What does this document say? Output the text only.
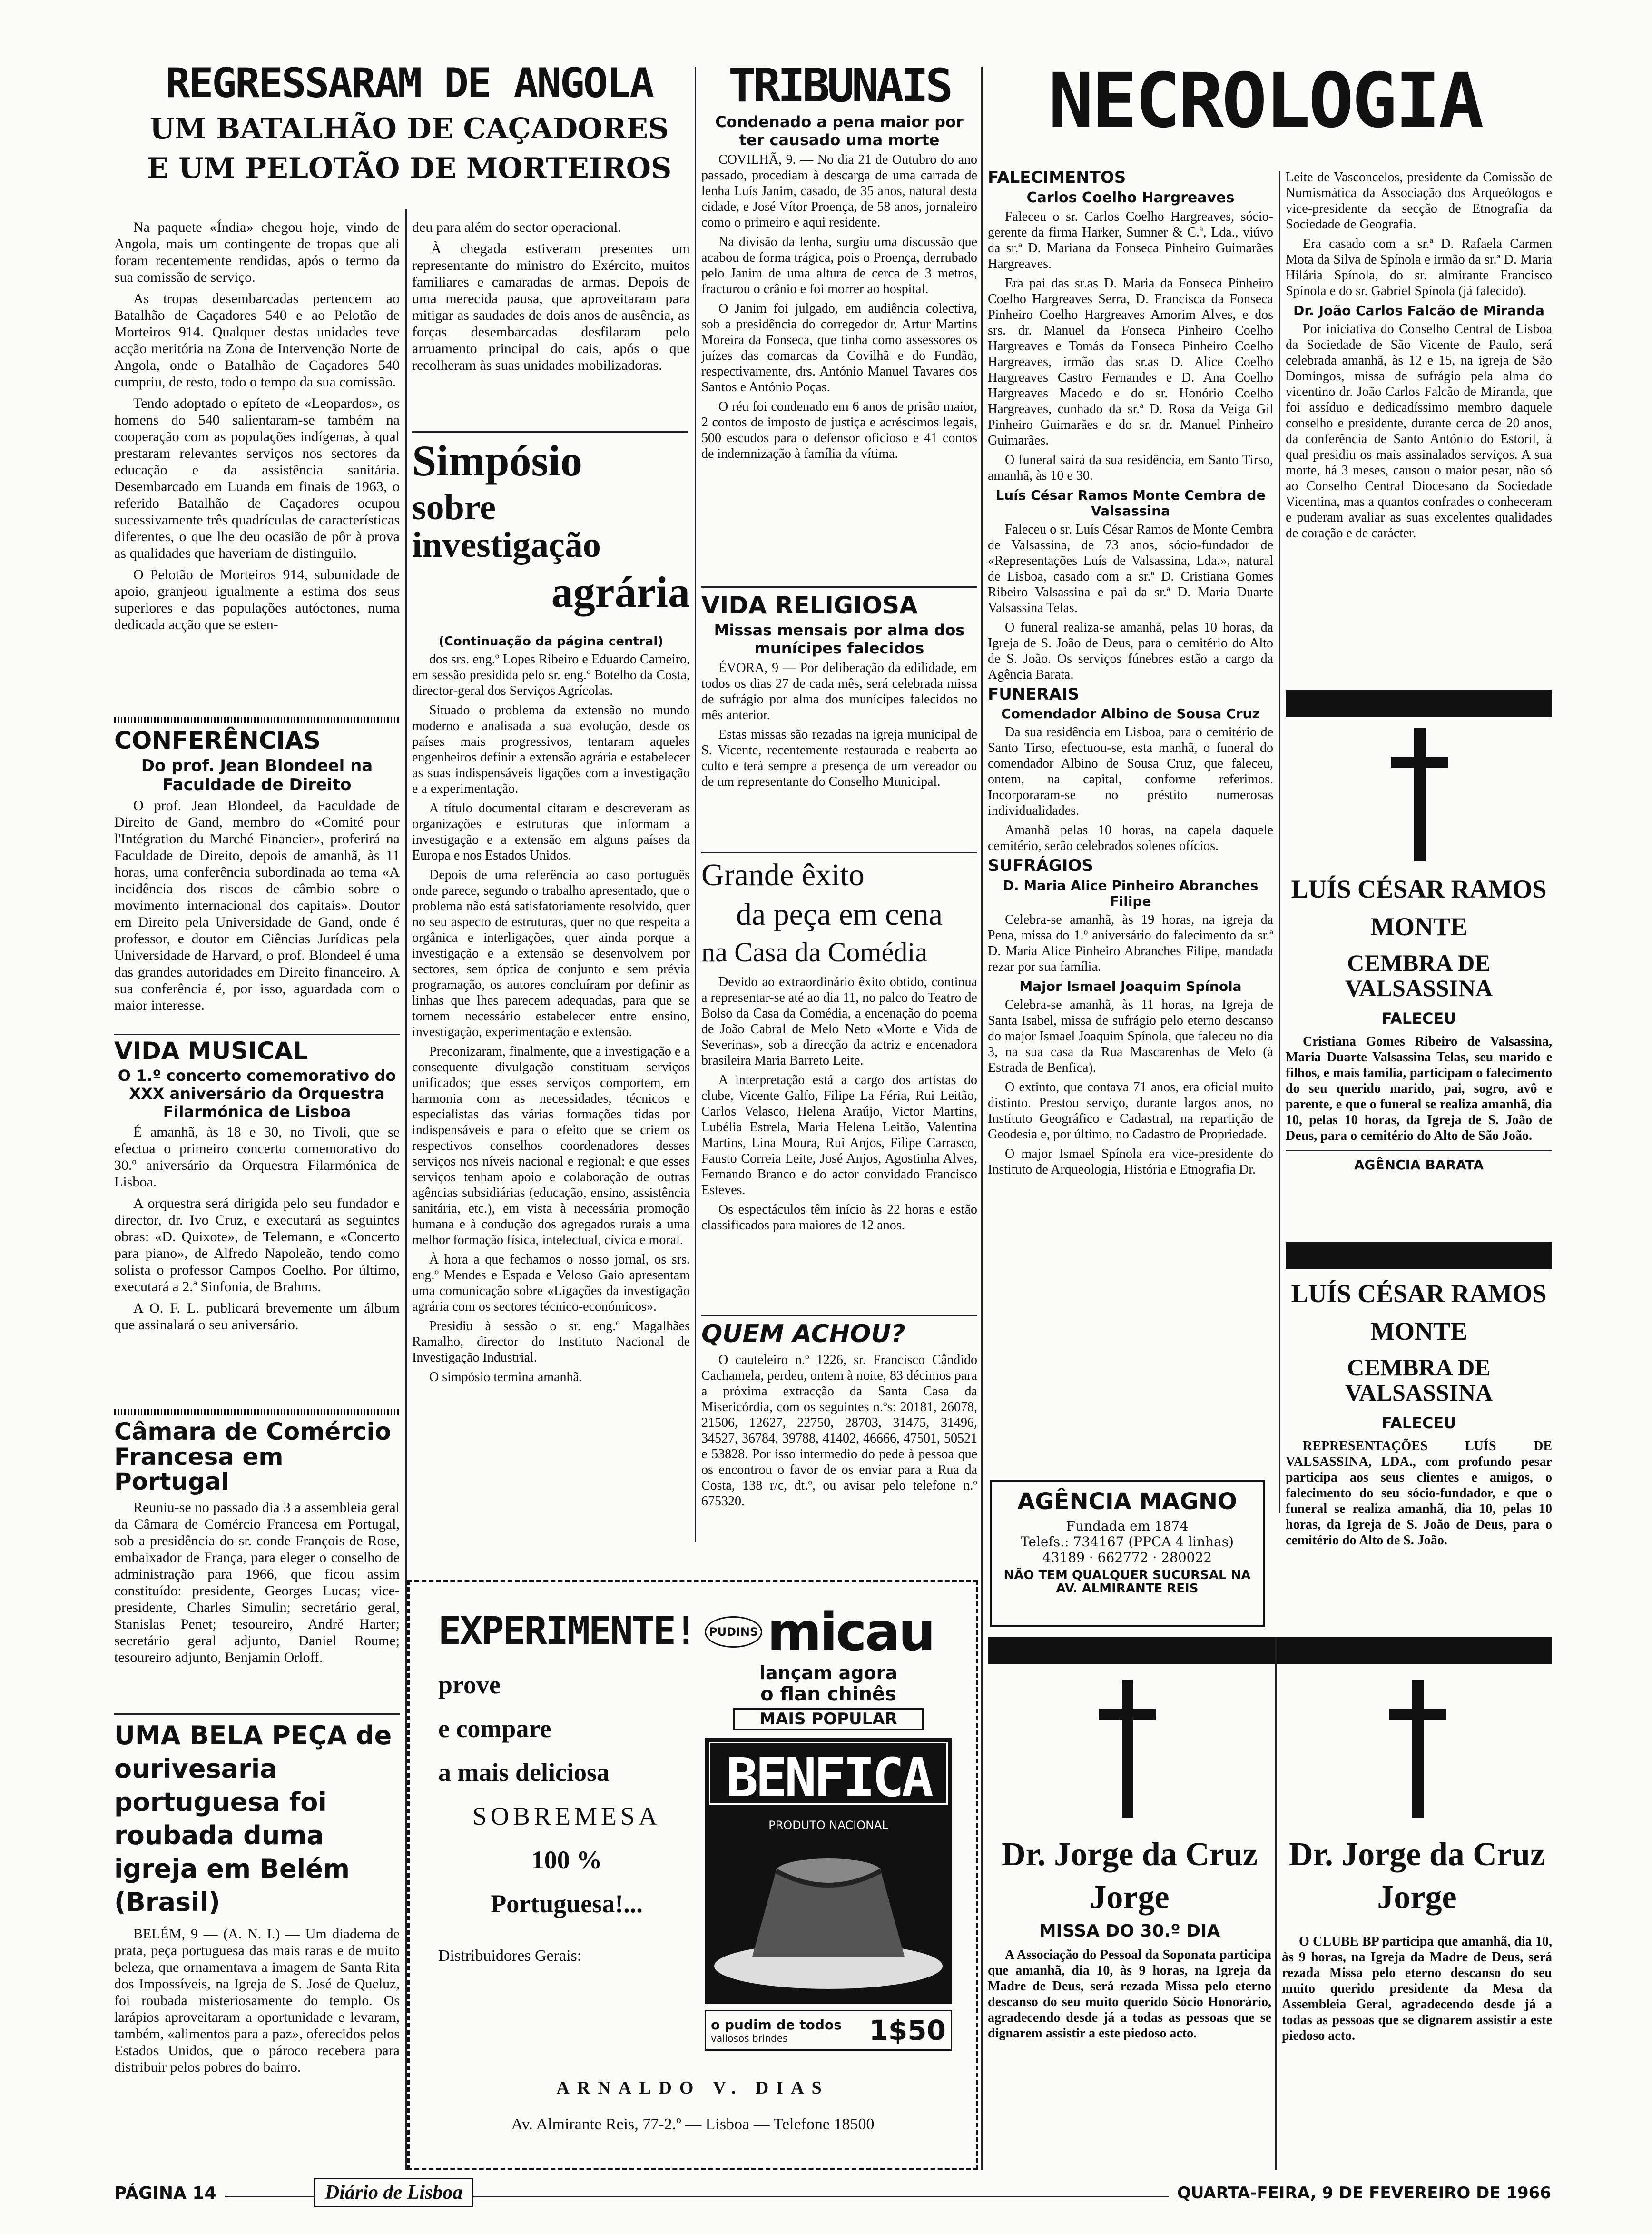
REGRESSARAM DE ANGOLA
UM BATALHÃO DE CAÇADORES
E UM PELOTÃO DE MORTEIROS

Na paquete «Índia» chegou hoje, vindo de Angola, mais um contingente de tropas que ali foram recentemente rendidas, após o termo da sua comissão de serviço.

As tropas desembarcadas pertencem ao Batalhão de Caçadores 540 e ao Pelotão de Morteiros 914. Qualquer destas unidades teve acção meritória na Zona de Intervenção Norte de Angola, onde o Batalhão de Caçadores 540 cumpriu, de resto, todo o tempo da sua comissão.

Tendo adoptado o epíteto de «Leopardos», os homens do 540 salientaram-se também na cooperação com as populações indígenas, à qual prestaram relevantes serviços nos sectores da educação e da assistência sanitária. Desembarcado em Luanda em finais de 1963, o referido Batalhão de Caçadores ocupou sucessivamente três quadrículas de características diferentes, o que lhe deu ocasião de pôr à prova as qualidades que haveriam de distinguilo.

O Pelotão de Morteiros 914, subunidade de apoio, granjeou igualmente a estima dos seus superiores e das populações autóctones, numa dedicada acção que se esten-

deu para além do sector operacional.

À chegada estiveram presentes um representante do ministro do Exército, muitos familiares e camaradas de armas. Depois de uma merecida pausa, que aproveitaram para mitigar as saudades de dois anos de ausência, as forças desembarcadas desfilaram pelo arruamento principal do cais, após o que recolheram às suas unidades mobilizadoras.

Simpósio
sobre investigação
agrária
(Continuação da página central)

dos srs. eng.º Lopes Ribeiro e Eduardo Carneiro, em sessão presidida pelo sr. eng.º Botelho da Costa, director-geral dos Serviços Agrícolas.

Situado o problema da extensão no mundo moderno e analisada a sua evolução, desde os países mais progressivos, tentaram aqueles engenheiros definir a extensão agrária e estabelecer as suas indispensáveis ligações com a investigação e a experimentação.

A título documental citaram e descreveram as organizações e estruturas que informam a investigação e a extensão em alguns países da Europa e nos Estados Unidos.

Depois de uma referência ao caso português onde parece, segundo o trabalho apresentado, que o problema não está satisfatoriamente resolvido, quer no seu aspecto de estruturas, quer no que respeita a orgânica e interligações, quer ainda porque a investigação e a extensão se desenvolvem por sectores, sem óptica de conjunto e sem prévia programação, os autores concluíram por definir as linhas que lhes parecem adequadas, para que se tornem necessário estabelecer entre ensino, investigação, experimentação e extensão.

Preconizaram, finalmente, que a investigação e a consequente divulgação constituam serviços unificados; que esses serviços comportem, em harmonia com as necessidades, técnicos e especialistas das várias formações tidas por indispensáveis e para o efeito que se criem os respectivos conselhos coordenadores desses serviços nos níveis nacional e regional; e que esses serviços tenham apoio e colaboração de outras agências subsidiárias (educação, ensino, assistência sanitária, etc.), em vista à necessária promoção humana e à condução dos agregados rurais a uma melhor formação física, intelectual, cívica e moral.

À hora a que fechamos o nosso jornal, os srs. eng.º Mendes e Espada e Veloso Gaio apresentam uma comunicação sobre «Ligações da investigação agrária com os sectores técnico-económicos».

Presidiu à sessão o sr. eng.º Magalhães Ramalho, director do Instituto Nacional de Investigação Industrial.

O simpósio termina amanhã.

CONFERÊNCIAS
Do prof. Jean Blondeel na Faculdade de Direito

O prof. Jean Blondeel, da Faculdade de Direito de Gand, membro do «Comité pour l'Intégration du Marché Financier», proferirá na Faculdade de Direito, depois de amanhã, às 11 horas, uma conferência subordinada ao tema «A incidência dos riscos de câmbio sobre o movimento internacional dos capitais». Doutor em Direito pela Universidade de Gand, onde é professor, e doutor em Ciências Jurídicas pela Universidade de Harvard, o prof. Blondeel é uma das grandes autoridades em Direito financeiro. A sua conferência é, por isso, aguardada com o maior interesse.

VIDA MUSICAL
O 1.º concerto comemorativo do XXX aniversário da Orquestra Filarmónica de Lisboa

É amanhã, às 18 e 30, no Tivoli, que se efectua o primeiro concerto comemorativo do 30.º aniversário da Orquestra Filarmónica de Lisboa.

A orquestra será dirigida pelo seu fundador e director, dr. Ivo Cruz, e executará as seguintes obras: «D. Quixote», de Telemann, e «Concerto para piano», de Alfredo Napoleão, tendo como solista o professor Campos Coelho. Por último, executará a 2.ª Sinfonia, de Brahms.

A O. F. L. publicará brevemente um álbum que assinalará o seu aniversário.

Câmara de Comércio Francesa em Portugal

Reuniu-se no passado dia 3 a assembleia geral da Câmara de Comércio Francesa em Portugal, sob a presidência do sr. conde François de Rose, embaixador de França, para eleger o conselho de administração para 1966, que ficou assim constituído: presidente, Georges Lucas; vice-presidente, Charles Simulin; secretário geral, Stanislas Penet; tesoureiro, André Harter; secretário geral adjunto, Daniel Roume; tesoureiro adjunto, Benjamin Orloff.

UMA BELA PEÇA de ourivesaria portuguesa foi roubada duma igreja em Belém (Brasil)

BELÉM, 9 — (A. N. I.) — Um diadema de prata, peça portuguesa das mais raras e de muito beleza, que ornamentava a imagem de Santa Rita dos Impossíveis, na Igreja de S. José de Queluz, foi roubada misteriosamente do templo. Os larápios aproveitaram a oportunidade e levaram, também, «alimentos para a paz», oferecidos pelos Estados Unidos, que o pároco recebera para distribuir pelos pobres do bairro.

TRIBUNAIS
Condenado a pena maior por ter causado uma morte

COVILHÃ, 9. — No dia 21 de Outubro do ano passado, procediam à descarga de uma carrada de lenha Luís Janim, casado, de 35 anos, natural desta cidade, e José Vítor Proença, de 58 anos, jornaleiro como o primeiro e aqui residente.

Na divisão da lenha, surgiu uma discussão que acabou de forma trágica, pois o Proença, derrubado pelo Janim de uma altura de cerca de 3 metros, fracturou o crânio e foi morrer ao hospital.

O Janim foi julgado, em audiência colectiva, sob a presidência do corregedor dr. Artur Martins Moreira da Fonseca, que tinha como assessores os juízes das comarcas da Covilhã e do Fundão, respectivamente, drs. António Manuel Tavares dos Santos e António Poças.

O réu foi condenado em 6 anos de prisão maior, 2 contos de imposto de justiça e acréscimos legais, 500 escudos para o defensor oficioso e 41 contos de indemnização à família da vítima.

VIDA RELIGIOSA
Missas mensais por alma dos munícipes falecidos

ÉVORA, 9 — Por deliberação da edilidade, em todos os dias 27 de cada mês, será celebrada missa de sufrágio por alma dos munícipes falecidos no mês anterior.

Estas missas são rezadas na igreja municipal de S. Vicente, recentemente restaurada e reaberta ao culto e terá sempre a presença de um vereador ou de um representante do Conselho Municipal.

Grande êxito
da peça em cena
na Casa da Comédia

Devido ao extraordinário êxito obtido, continua a representar-se até ao dia 11, no palco do Teatro de Bolso da Casa da Comédia, a encenação do poema de João Cabral de Melo Neto «Morte e Vida de Severinas», sob a direcção da actriz e encenadora brasileira Maria Barreto Leite.

A interpretação está a cargo dos artistas do clube, Vicente Galfo, Filipe La Féria, Rui Leitão, Carlos Velasco, Helena Araújo, Victor Martins, Lubélia Estrela, Maria Helena Leitão, Valentina Martins, Lina Moura, Rui Anjos, Filipe Carrasco, Fausto Correia Leite, José Anjos, Agostinha Alves, Fernando Branco e do actor convidado Francisco Esteves.

Os espectáculos têm início às 22 horas e estão classificados para maiores de 12 anos.

QUEM ACHOU?

O cauteleiro n.º 1226, sr. Francisco Cândido Cachamela, perdeu, ontem à noite, 83 décimos para a próxima extracção da Santa Casa da Misericórdia, com os seguintes n.ºs: 20181, 26078, 21506, 12627, 22750, 28703, 31475, 31496, 34527, 36784, 39788, 41402, 46666, 47501, 50521 e 53828. Por isso intermedio do pede à pessoa que os encontrou o favor de os enviar para a Rua da Costa, 138 r/c, dt.º, ou avisar pelo telefone n.º 675320.

NECROLOGIA
FALECIMENTOS
Carlos Coelho Hargreaves

Faleceu o sr. Carlos Coelho Hargreaves, sócio-gerente da firma Harker, Sumner & C.ª, Lda., viúvo da sr.ª D. Mariana da Fonseca Pinheiro Guimarães Hargreaves.

Era pai das sr.as D. Maria da Fonseca Pinheiro Coelho Hargreaves Serra, D. Francisca da Fonseca Pinheiro Coelho Hargreaves Amorim Alves, e dos srs. dr. Manuel da Fonseca Pinheiro Coelho Hargreaves e Tomás da Fonseca Pinheiro Coelho Hargreaves, irmão das sr.as D. Alice Coelho Hargreaves Castro Fernandes e D. Ana Coelho Hargreaves Macedo e do sr. Honório Coelho Hargreaves, cunhado da sr.ª D. Rosa da Veiga Gil Pinheiro Guimarães e do sr. dr. Manuel Pinheiro Guimarães.

O funeral sairá da sua residência, em Santo Tirso, amanhã, às 10 e 30.

Luís César Ramos Monte Cembra de Valsassina

Faleceu o sr. Luís César Ramos de Monte Cembra de Valsassina, de 73 anos, sócio-fundador de «Representações Luís de Valsassina, Lda.», natural de Lisboa, casado com a sr.ª D. Cristiana Gomes Ribeiro Valsassina e pai da sr.ª D. Maria Duarte Valsassina Telas.

O funeral realiza-se amanhã, pelas 10 horas, da Igreja de S. João de Deus, para o cemitério do Alto de S. João. Os serviços fúnebres estão a cargo da Agência Barata.

FUNERAIS
Comendador Albino de Sousa Cruz

Da sua residência em Lisboa, para o cemitério de Santo Tirso, efectuou-se, esta manhã, o funeral do comendador Albino de Sousa Cruz, que faleceu, ontem, na capital, conforme referimos. Incorporaram-se no préstito numerosas individualidades.

Amanhã pelas 10 horas, na capela daquele cemitério, serão celebrados solenes ofícios.

SUFRÁGIOS
D. Maria Alice Pinheiro Abranches Filipe

Celebra-se amanhã, às 19 horas, na igreja da Pena, missa do 1.º aniversário do falecimento da sr.ª D. Maria Alice Pinheiro Abranches Filipe, mandada rezar por sua família.

Major Ismael Joaquim Spínola

Celebra-se amanhã, às 11 horas, na Igreja de Santa Isabel, missa de sufrágio pelo eterno descanso do major Ismael Joaquim Spínola, que faleceu no dia 3, na sua casa da Rua Mascarenhas de Melo (à Estrada de Benfica).

O extinto, que contava 71 anos, era oficial muito distinto. Prestou serviço, durante largos anos, no Instituto Geográfico e Cadastral, na repartição de Geodesia e, por último, no Cadastro de Propriedade.

O major Ismael Spínola era vice-presidente do Instituto de Arqueologia, História e Etnografia Dr.

Leite de Vasconcelos, presidente da Comissão de Numismática da Associação dos Arqueólogos e vice-presidente da secção de Etnografia da Sociedade de Geografia.

Era casado com a sr.ª D. Rafaela Carmen Mota da Silva de Spínola e irmão da sr.ª D. Maria Hilária Spínola, do sr. almirante Francisco Spínola e do sr. Gabriel Spínola (já falecido).

Dr. João Carlos Falcão de Miranda

Por iniciativa do Conselho Central de Lisboa da Sociedade de São Vicente de Paulo, será celebrada amanhã, às 12 e 15, na igreja de São Domingos, missa de sufrágio pela alma do vicentino dr. João Carlos Falcão de Miranda, que foi assíduo e dedicadíssimo membro daquele conselho e presidente, durante cerca de 20 anos, da conferência de Santo António do Estoril, à qual presidiu os mais assinalados serviços. A sua morte, há 3 meses, causou o maior pesar, não só ao Conselho Central Diocesano da Sociedade Vicentina, mas a quantos confrades o conheceram e puderam avaliar as suas excelentes qualidades de coração e de carácter.

LUÍS CÉSAR RAMOS
MONTE
CEMBRA DE VALSASSINA
FALECEU

Cristiana Gomes Ribeiro de Valsassina, Maria Duarte Valsassina Telas, seu marido e filhos, e mais família, participam o falecimento do seu querido marido, pai, sogro, avô e parente, e que o funeral se realiza amanhã, dia 10, pelas 10 horas, da Igreja de S. João de Deus, para o cemitério do Alto de São João.

AGÊNCIA BARATA
LUÍS CÉSAR RAMOS
MONTE
CEMBRA DE VALSASSINA
FALECEU

REPRESENTAÇÕES LUÍS DE VALSASSINA, LDA., com profundo pesar participa aos seus clientes e amigos, o falecimento do seu sócio-fundador, e que o funeral se realiza amanhã, dia 10, pelas 10 horas, da Igreja de S. João de Deus, para o cemitério do Alto de S. João.

AGÊNCIA MAGNO
Fundada em 1874
Telefs.: 734167 (PPCA 4 linhas)
43189 · 662772 · 280022
NÃO TEM QUALQUER SUCURSAL NA AV. ALMIRANTE REIS
Dr. Jorge da Cruz
Jorge
MISSA DO 30.º DIA

A Associação do Pessoal da Soponata participa que amanhã, dia 10, às 9 horas, na Igreja da Madre de Deus, será rezada Missa pelo eterno descanso do seu muito querido Sócio Honorário, agradecendo desde já a todas as pessoas que se dignarem assistir a este piedoso acto.

Dr. Jorge da Cruz
Jorge

O CLUBE BP participa que amanhã, dia 10, às 9 horas, na Igreja da Madre de Deus, será rezada Missa pelo eterno descanso do seu muito querido presidente da Mesa da Assembleia Geral, agradecendo desde já a todas as pessoas que se dignarem assistir a este piedoso acto.

EXPERIMENTE!
prove
e compare
a mais deliciosa
SOBREMESA
100 %
Portuguesa!...
Distribuidores Gerais:
PUDINS micau
lançam agora
o flan chinês
MAIS POPULAR
BENFICA
PRODUTO NACIONAL
o pudim de todos
valiosos brindes	1$50
ARNALDO V. DIAS
Av. Almirante Reis, 77-2.º — Lisboa — Telefone 18500
PÁGINA 14	Diário de Lisboa	QUARTA-FEIRA, 9 DE FEVEREIRO DE 1966
